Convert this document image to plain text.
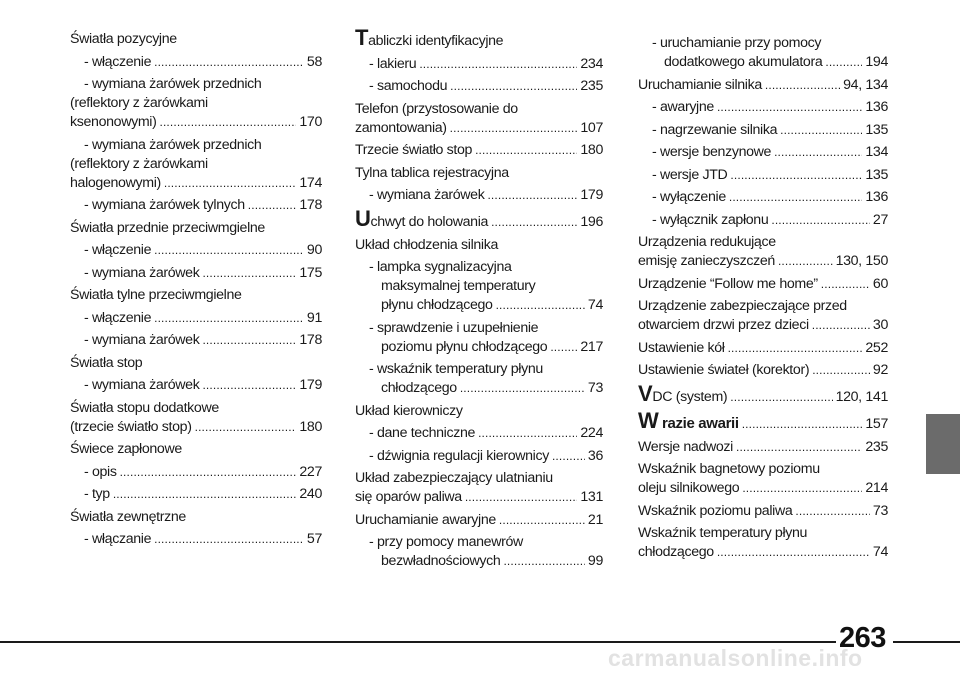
Światła pozycyjne
- włączenie . . .	58
- wymiana żarówek przednich
(reflektory z żarówkami
ksenonowymi) . . .	170
- wymiana żarówek przednich
(reflektory z żarówkami
halogenowymi) . . .	174
- wymiana żarówek tylnych . . .	178
Światła przednie przeciwmgielne
- włączenie . . .	90
- wymiana żarówek . . .	175
Światła tylne przeciwmgielne
- włączenie . . .	91
- wymiana żarówek . . .	178
Światła stop
- wymiana żarówek . . .	179
Światła stopu dodatkowe
(trzecie światło stop) . . .	180
Świece zapłonowe
- opis . . .	227
- typ . . .	240
Światła zewnętrzne
- włączanie . . .	57
Tabliczki identyfikacyjne
- lakieru . . .	234
- samochodu . . .	235
Telefon (przystosowanie do
zamontowania) . . .	107
Trzecie światło stop . . .	180
Tylna tablica rejestracyjna
- wymiana żarówek . . .	179
Uchwyt do holowania . . .	196
Układ chłodzenia silnika
- lampka sygnalizacyjna
maksymalnej temperatury
płynu chłodzącego . . .	74
- sprawdzenie i uzupełnienie
poziomu płynu chłodzącego . . . 217
- wskaźnik temperatury płynu
chłodzącego . . .	73
Układ kierowniczy
- dane techniczne . . .	224
- dźwignia regulacji kierownicy . . .	36
Układ zabezpieczający ulatnianiu
się oparów paliwa . . .	131
Uruchamianie awaryjne . . .	21
- przy pomocy manewrów
bezwładnościowych . . .	99
- uruchamianie przy pomocy
dodatkowego akumulatora . . .	194
Uruchamianie silnika . . .	94, 134
- awaryjne . . .	136
- nagrzewanie silnika . . .	135
- wersje benzynowe . . .	134
- wersje JTD . . .	135
- wyłączenie . . .	136
- wyłącznik zapłonu . . .	27
Urządzenia redukujące
emisję zanieczyszczeń . . .	130, 150
Urządzenie “Follow me home” . . .	60
Urządzenie zabezpieczające przed
otwarciem drzwi przez dzieci . . .	30
Ustawienie kół . . .	252
Ustawienie świateł (korektor) . . .	92
VDC (system) . . .	120, 141
W razie awarii . . .	157
Wersje nadwozi . . .	235
Wskaźnik bagnetowy poziomu
oleju silnikowego . . .	214
Wskaźnik poziomu paliwa . . .	73
Wskaźnik temperatury płynu
chłodzącego . . .	74
263
carmanualsonline.info
